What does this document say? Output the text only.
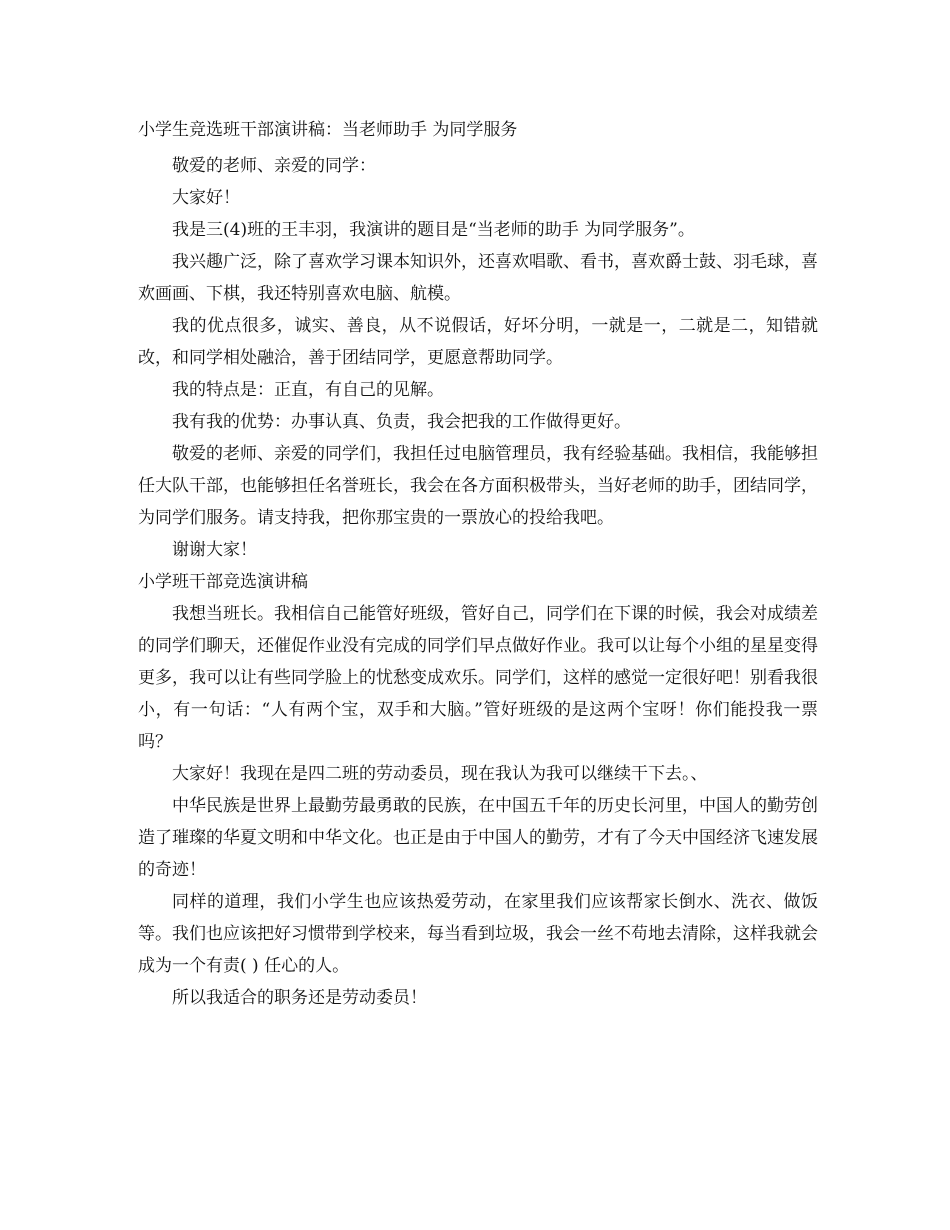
小学生竞选班干部演讲稿：当老师助手 为同学服务

敬爱的老师、亲爱的同学：

大家好！

我是三(4)班的王丰羽，我演讲的题目是“当老师的助手 为同学服务”。

我兴趣广泛，除了喜欢学习课本知识外，还喜欢唱歌、看书，喜欢爵士鼓、羽毛球，喜欢画画、下棋，我还特别喜欢电脑、航模。

我的优点很多，诚实、善良，从不说假话，好坏分明，一就是一，二就是二，知错就改，和同学相处融洽，善于团结同学，更愿意帮助同学。

我的特点是：正直，有自己的见解。

我有我的优势：办事认真、负责，我会把我的工作做得更好。

敬爱的老师、亲爱的同学们，我担任过电脑管理员，我有经验基础。我相信，我能够担任大队干部，也能够担任名誉班长，我会在各方面积极带头，当好老师的助手，团结同学，为同学们服务。请支持我，把你那宝贵的一票放心的投给我吧。

谢谢大家！

小学班干部竞选演讲稿

我想当班长。我相信自己能管好班级，管好自己，同学们在下课的时候，我会对成绩差的同学们聊天，还催促作业没有完成的同学们早点做好作业。我可以让每个小组的星星变得更多，我可以让有些同学脸上的忧愁变成欢乐。同学们，这样的感觉一定很好吧！别看我很小，有一句话：“人有两个宝，双手和大脑。”管好班级的是这两个宝呀！你们能投我一票吗？

大家好！我现在是四二班的劳动委员，现在我认为我可以继续干下去。、

中华民族是世界上最勤劳最勇敢的民族，在中国五千年的历史长河里，中国人的勤劳创造了璀璨的华夏文明和中华文化。也正是由于中国人的勤劳，才有了今天中国经济飞速发展的奇迹！

同样的道理，我们小学生也应该热爱劳动，在家里我们应该帮家长倒水、洗衣、做饭等。我们也应该把好习惯带到学校来，每当看到垃圾，我会一丝不苟地去清除，这样我就会成为一个有责( ) 任心的人。

所以我适合的职务还是劳动委员！
